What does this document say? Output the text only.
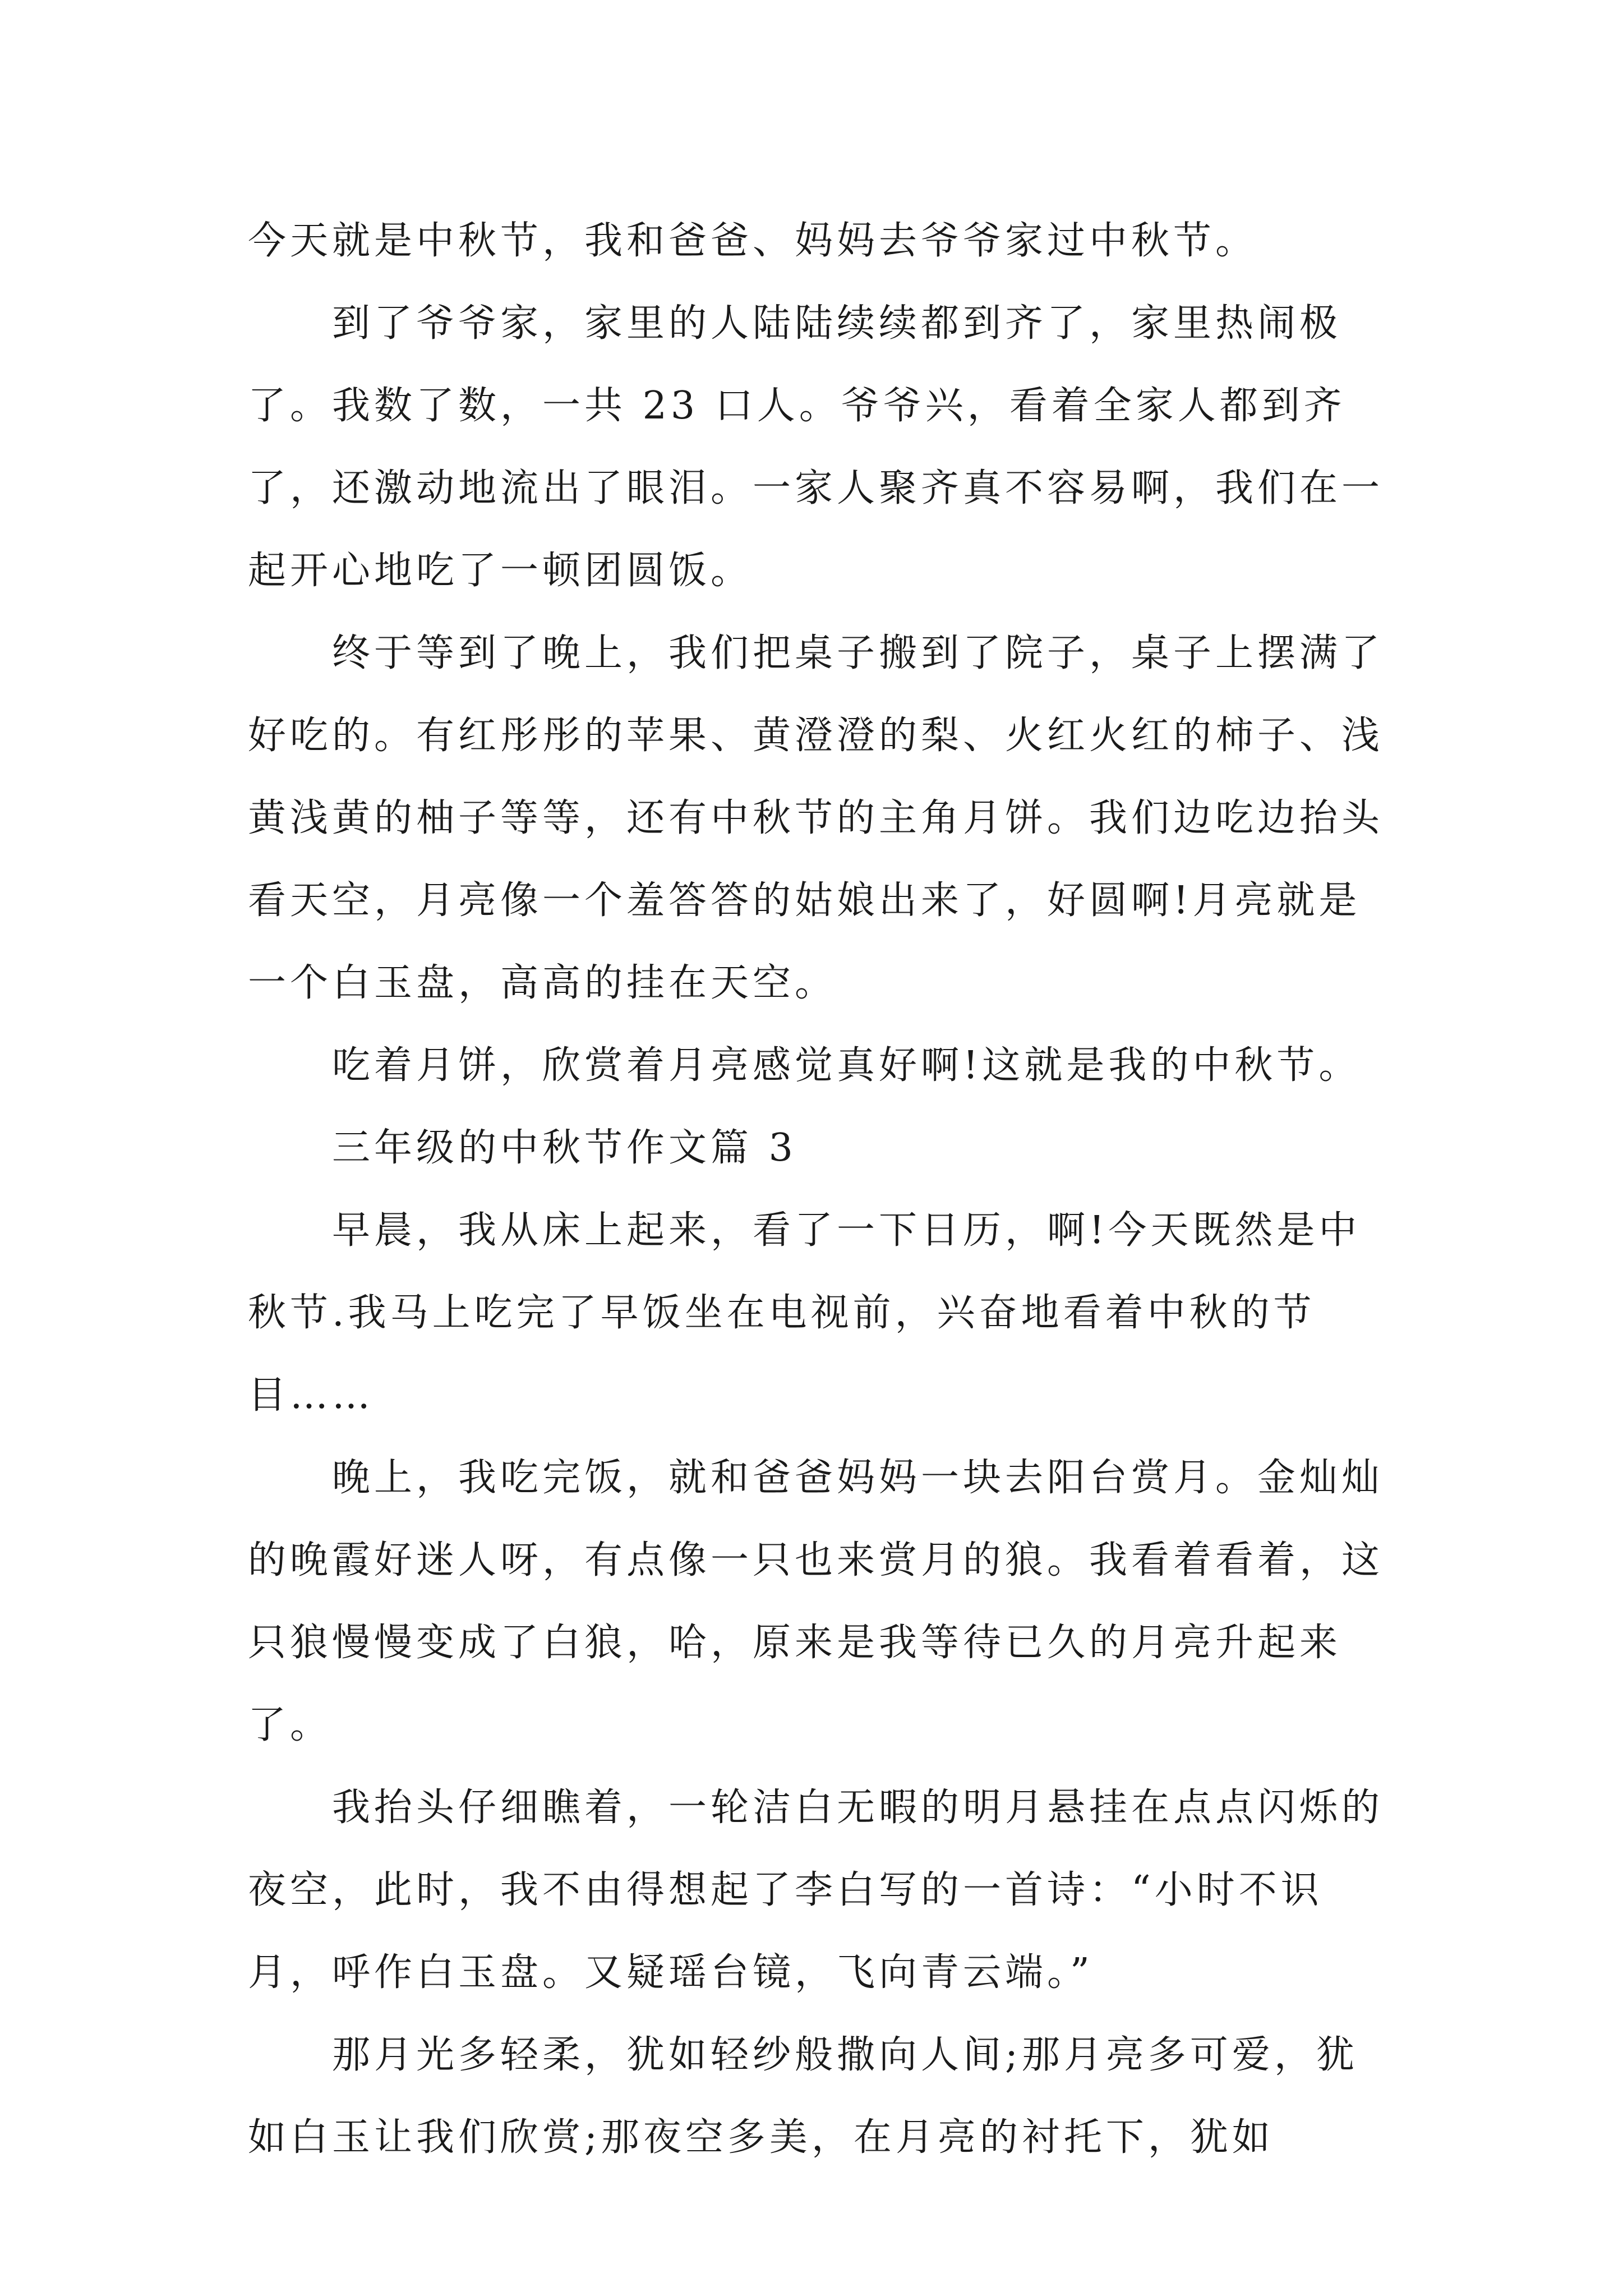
今天就是中秋节，我和爸爸、妈妈去爷爷家过中秋节。

到了爷爷家，家里的人陆陆续续都到齐了，家里热闹极了。我数了数，一共 23 口人。爷爷兴，看着全家人都到齐了，还激动地流出了眼泪。一家人聚齐真不容易啊，我们在一起开心地吃了一顿团圆饭。

终于等到了晚上，我们把桌子搬到了院子，桌子上摆满了好吃的。有红彤彤的苹果、黄澄澄的梨、火红火红的柿子、浅黄浅黄的柚子等等，还有中秋节的主角月饼。我们边吃边抬头看天空，月亮像一个羞答答的姑娘出来了，好圆啊!月亮就是一个白玉盘，高高的挂在天空。

吃着月饼，欣赏着月亮感觉真好啊!这就是我的中秋节。

三年级的中秋节作文篇 3

早晨，我从床上起来，看了一下日历，啊!今天既然是中秋节.我马上吃完了早饭坐在电视前，兴奋地看着中秋的节目……

晚上，我吃完饭，就和爸爸妈妈一块去阳台赏月。金灿灿的晚霞好迷人呀，有点像一只也来赏月的狼。我看着看着，这只狼慢慢变成了白狼，哈，原来是我等待已久的月亮升起来了。

我抬头仔细瞧着，一轮洁白无暇的明月悬挂在点点闪烁的夜空，此时，我不由得想起了李白写的一首诗：“小时不识月，呼作白玉盘。又疑瑶台镜，飞向青云端。”

那月光多轻柔，犹如轻纱般撒向人间;那月亮多可爱，犹如白玉让我们欣赏;那夜空多美，在月亮的衬托下，犹如
